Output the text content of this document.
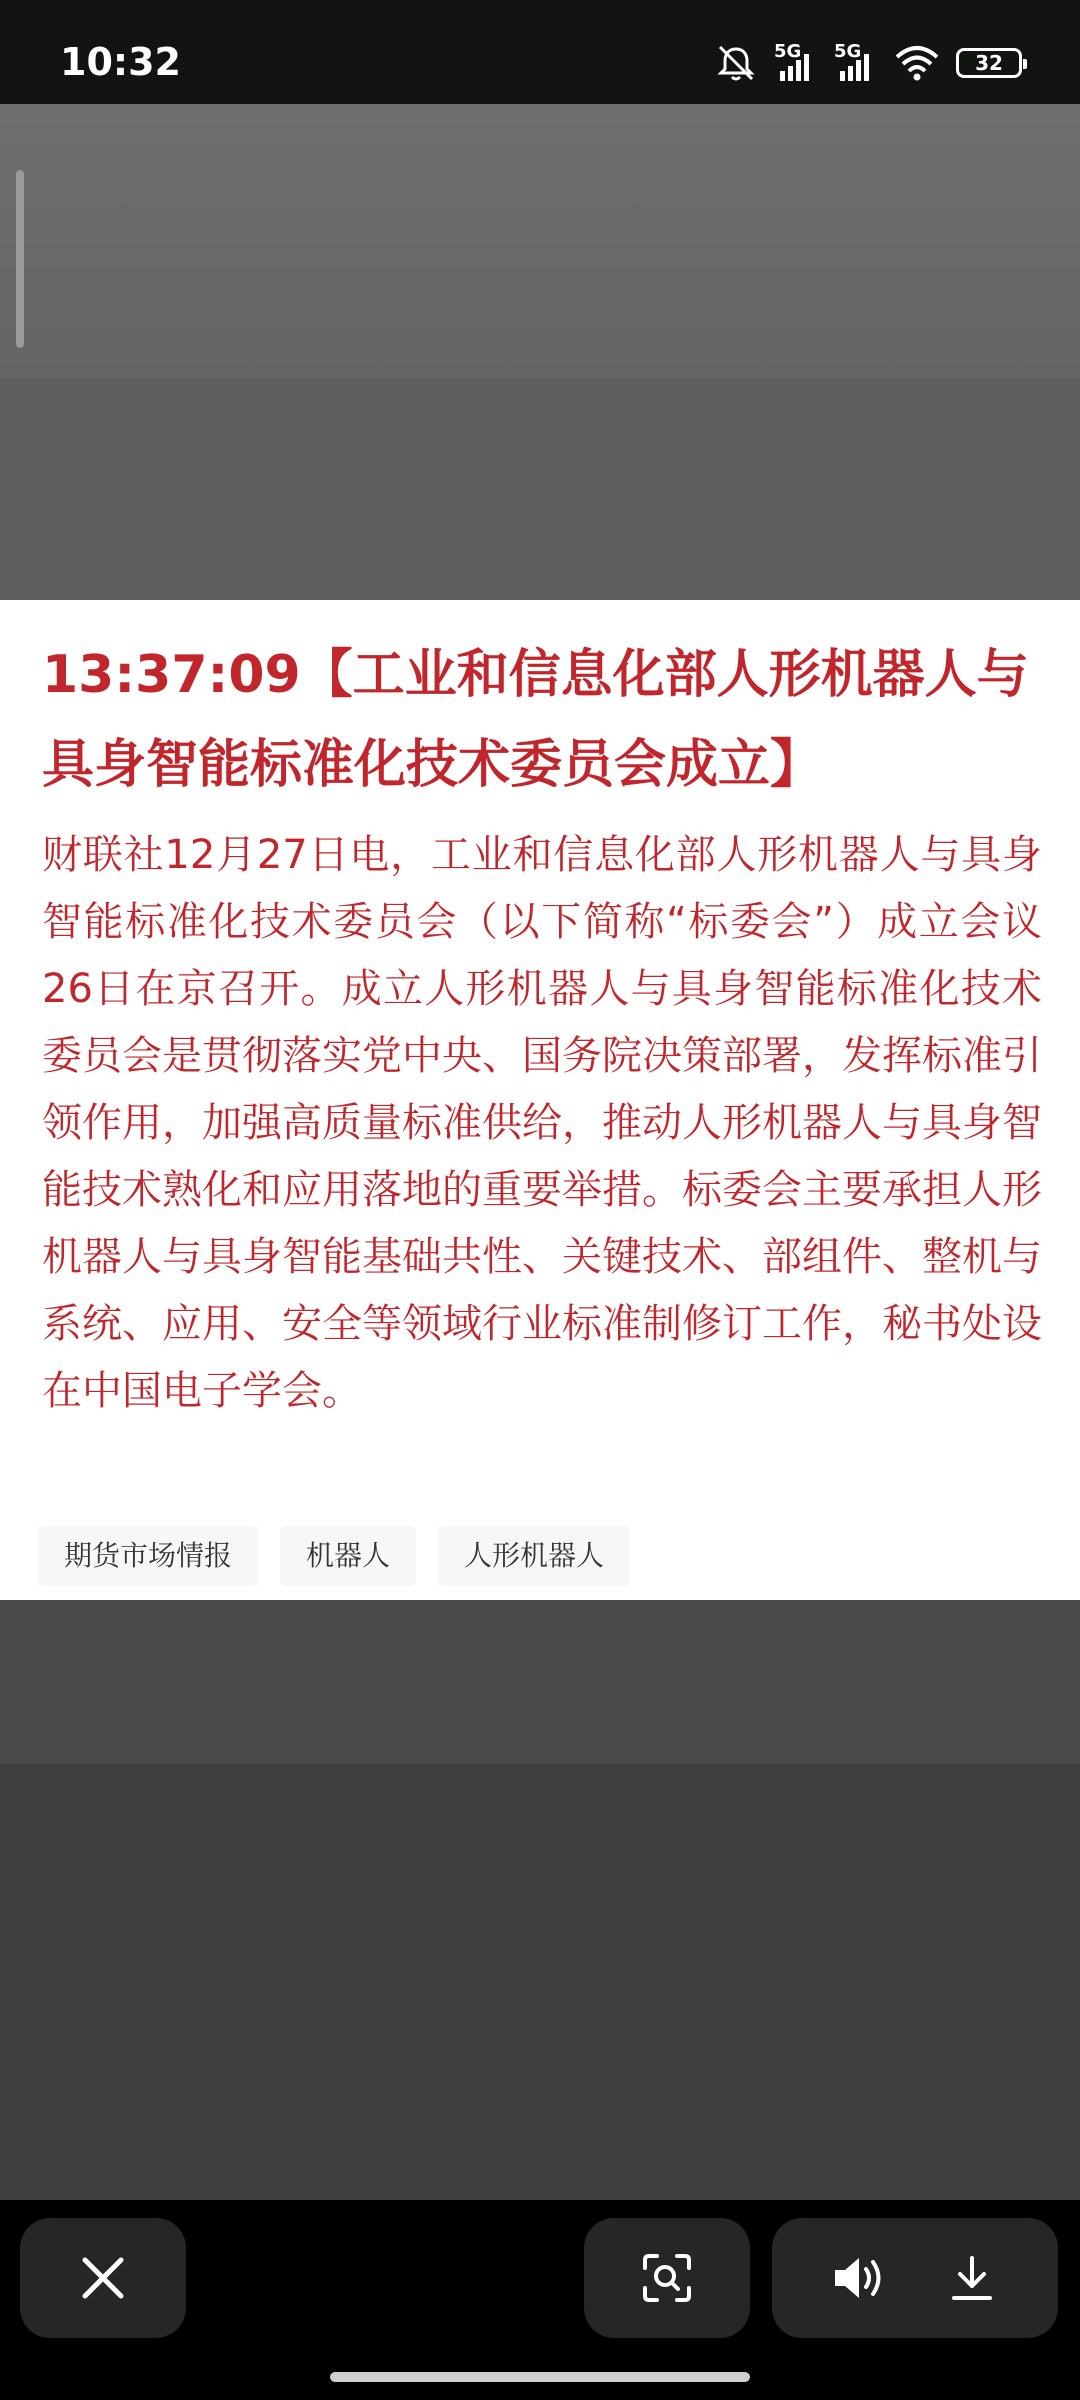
10:32	5G 5G	32
13:37:09【工业和信息化部人形机器人与具身智能标准化技术委员会成立】
财联社12月27日电，工业和信息化部人形机器人与具身智能标准化技术委员会（以下简称“标委会”）成立会议26日在京召开。成立人形机器人与具身智能标准化技术委员会是贯彻落实党中央、国务院决策部署，发挥标准引领作用，加强高质量标准供给，推动人形机器人与具身智能技术熟化和应用落地的重要举措。标委会主要承担人形机器人与具身智能基础共性、关键技术、部组件、整机与系统、应用、安全等领域行业标准制修订工作，秘书处设在中国电子学会。
期货市场情报	机器人	人形机器人
